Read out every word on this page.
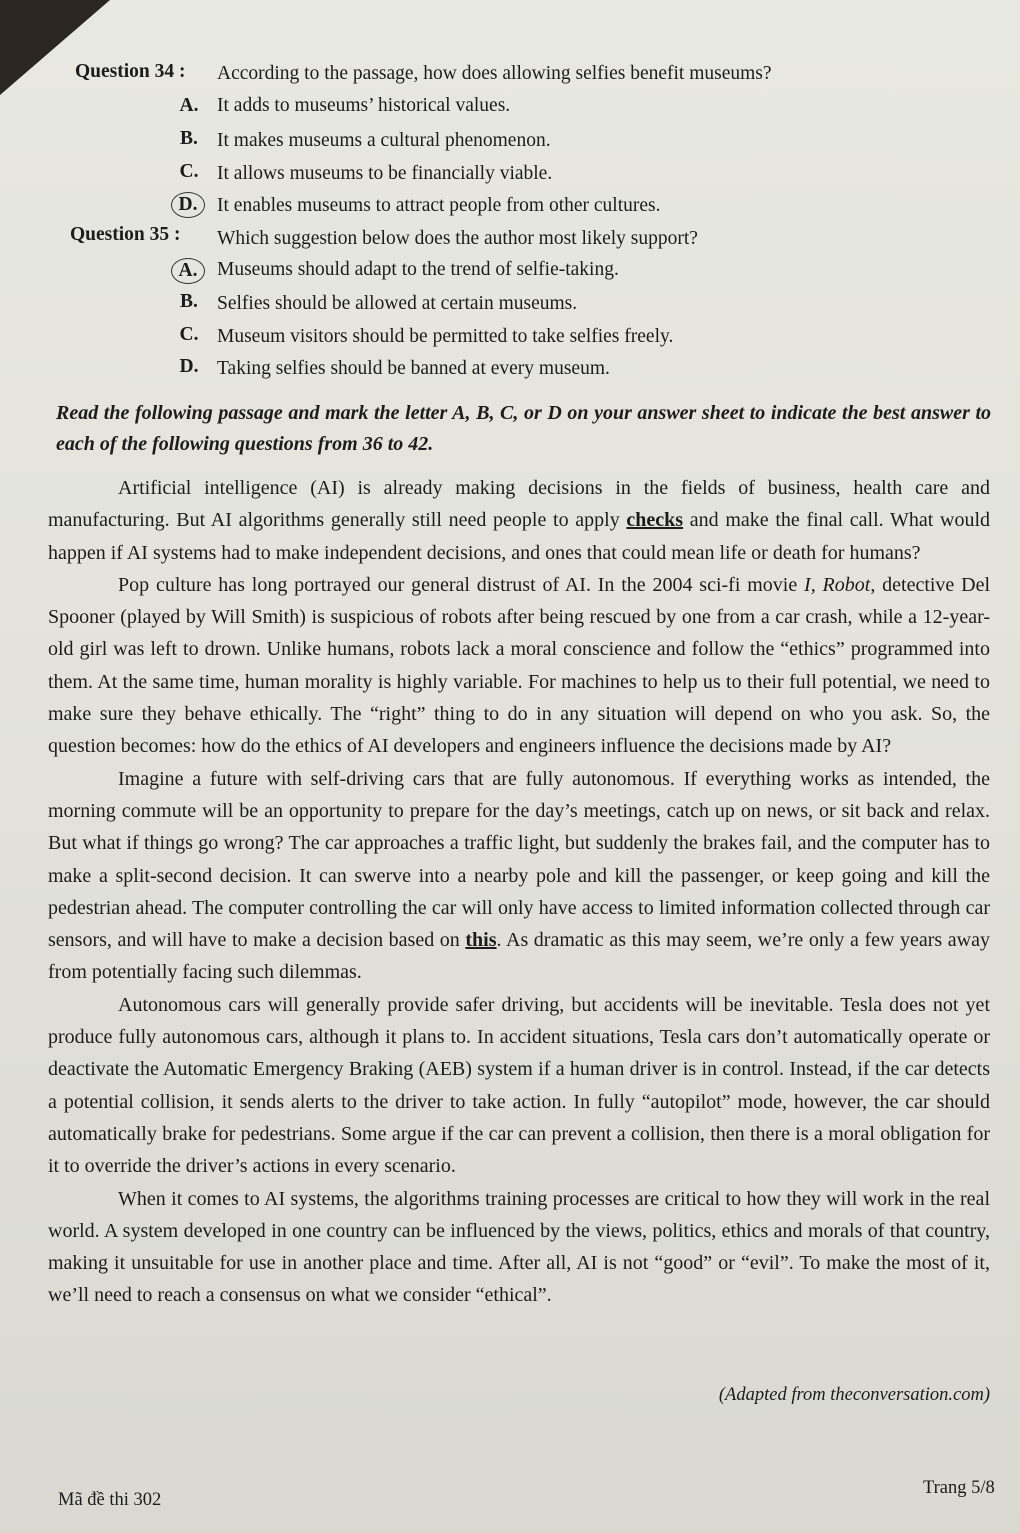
Question 34 : According to the passage, how does allowing selfies benefit museums?
A. It adds to museums’ historical values.
B. It makes museums a cultural phenomenon.
C. It allows museums to be financially viable.
D.	It enables museums to attract people from other cultures.
Question 35 : Which suggestion below does the author most likely support?
A.	Museums should adapt to the trend of selfie-taking.
B. Selfies should be allowed at certain museums.
C. Museum visitors should be permitted to take selfies freely.
D. Taking selfies should be banned at every museum.
Read the following passage and mark the letter A, B, C, or D on your answer sheet to indicate the best answer to each of the following questions from 36 to 42.

Artificial intelligence (AI) is already making decisions in the fields of business, health care and manufacturing. But AI algorithms generally still need people to apply checks and make the final call. What would happen if AI systems had to make independent decisions, and ones that could mean life or death for humans?

Pop culture has long portrayed our general distrust of AI. In the 2004 sci-fi movie I, Robot, detective Del Spooner (played by Will Smith) is suspicious of robots after being rescued by one from a car crash, while a 12-year-old girl was left to drown. Unlike humans, robots lack a moral conscience and follow the “ethics” programmed into them. At the same time, human morality is highly variable. For machines to help us to their full potential, we need to make sure they behave ethically. The “right” thing to do in any situation will depend on who you ask. So, the question becomes: how do the ethics of AI developers and engineers influence the decisions made by AI?

Imagine a future with self-driving cars that are fully autonomous. If everything works as intended, the morning commute will be an opportunity to prepare for the day’s meetings, catch up on news, or sit back and relax. But what if things go wrong? The car approaches a traffic light, but suddenly the brakes fail, and the computer has to make a split-second decision. It can swerve into a nearby pole and kill the passenger, or keep going and kill the pedestrian ahead. The computer controlling the car will only have access to limited information collected through car sensors, and will have to make a decision based on this. As dramatic as this may seem, we’re only a few years away from potentially facing such dilemmas.

Autonomous cars will generally provide safer driving, but accidents will be inevitable. Tesla does not yet produce fully autonomous cars, although it plans to. In accident situations, Tesla cars don’t automatically operate or deactivate the Automatic Emergency Braking (AEB) system if a human driver is in control. Instead, if the car detects a potential collision, it sends alerts to the driver to take action. In fully “autopilot” mode, however, the car should automatically brake for pedestrians. Some argue if the car can prevent a collision, then there is a moral obligation for it to override the driver’s actions in every scenario.

When it comes to AI systems, the algorithms training processes are critical to how they will work in the real world. A system developed in one country can be influenced by the views, politics, ethics and morals of that country, making it unsuitable for use in another place and time. After all, AI is not “good” or “evil”. To make the most of it, we’ll need to reach a consensus on what we consider “ethical”.

(Adapted from theconversation.com)
Mã đề thi 302
Trang 5/8
